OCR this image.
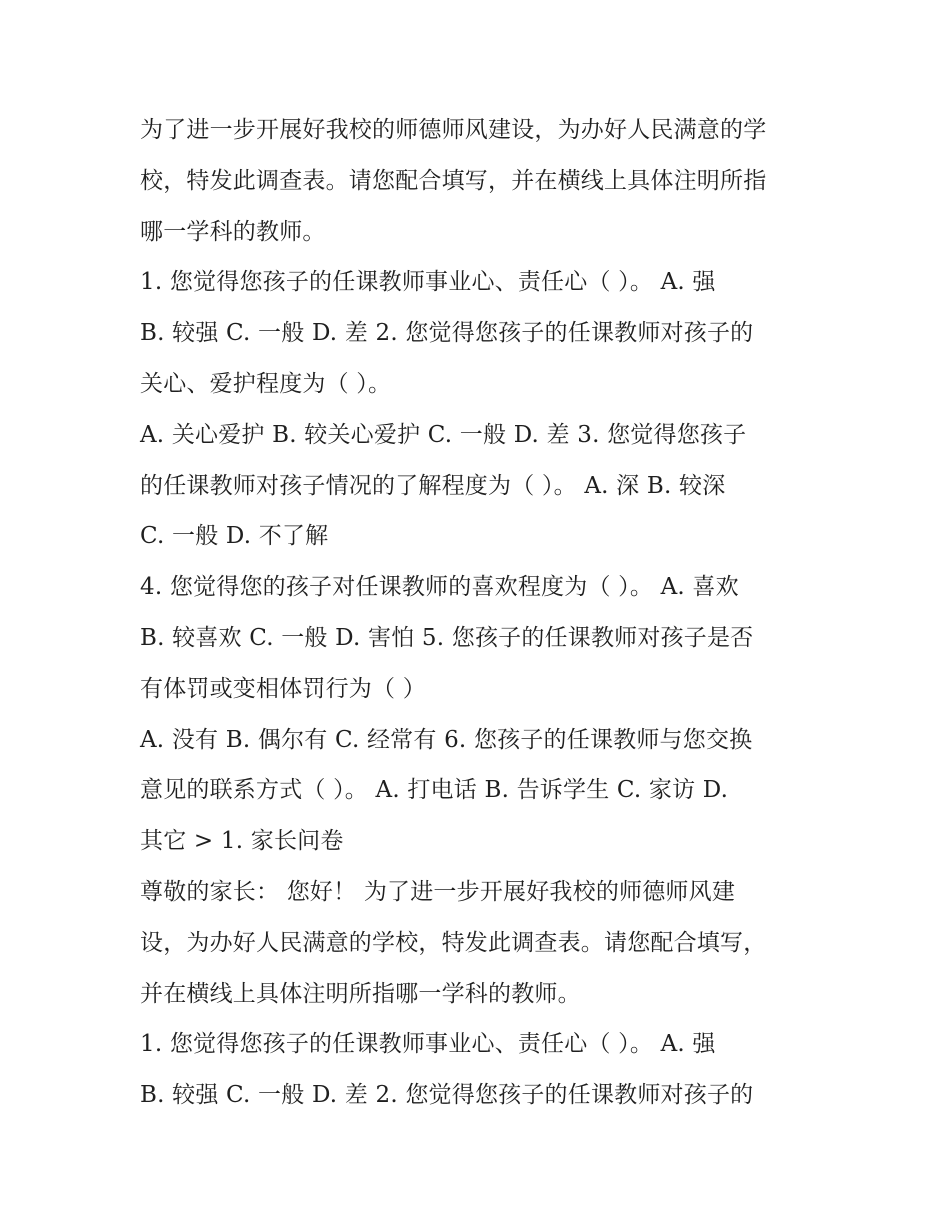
为了进一步开展好我校的师德师风建设，为办好人民满意的学
校，特发此调查表。请您配合填写，并在横线上具体注明所指
哪一学科的教师。
1. 您觉得您孩子的任课教师事业心、责任心（ ）。 A. 强
B. 较强 C. 一般 D. 差 2. 您觉得您孩子的任课教师对孩子的
关心、爱护程度为（ ）。
A. 关心爱护 B. 较关心爱护 C. 一般 D. 差 3. 您觉得您孩子
的任课教师对孩子情况的了解程度为（ ）。 A. 深 B. 较深
C. 一般 D. 不了解
4. 您觉得您的孩子对任课教师的喜欢程度为（ ）。 A. 喜欢
B. 较喜欢 C. 一般 D. 害怕 5. 您孩子的任课教师对孩子是否
有体罚或变相体罚行为（ ）
A. 没有 B. 偶尔有 C. 经常有 6. 您孩子的任课教师与您交换
意见的联系方式（ ）。 A. 打电话 B. 告诉学生 C. 家访 D.
其它 > 1. 家长问卷
尊敬的家长： 您好！ 为了进一步开展好我校的师德师风建
设，为办好人民满意的学校，特发此调查表。请您配合填写，
并在横线上具体注明所指哪一学科的教师。
1. 您觉得您孩子的任课教师事业心、责任心（ ）。 A. 强
B. 较强 C. 一般 D. 差 2. 您觉得您孩子的任课教师对孩子的
